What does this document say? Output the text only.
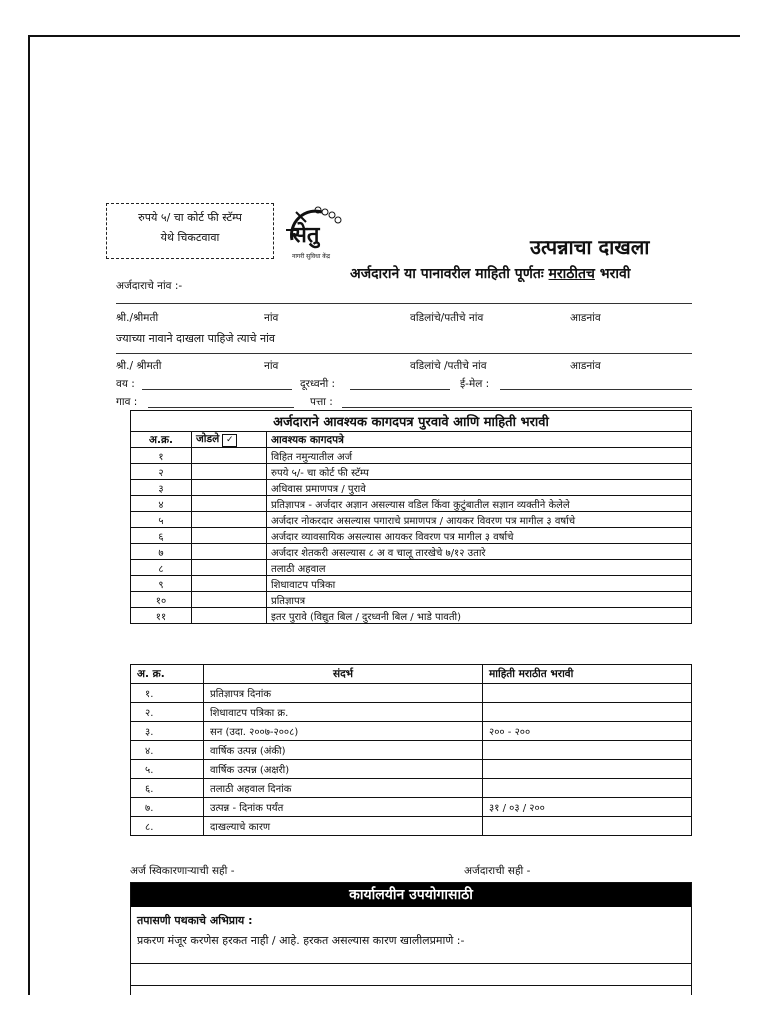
रुपये ५/ चा कोर्ट फी स्टॅम्प
येथे चिकटवावा	सेतु
नागरी सुविधा केंद्र	उत्पन्नाचा दाखला
अर्जदाराने या पानावरील माहिती पूर्णतः मराठीतच भरावी
अर्जदाराचे नांव :-
श्री./श्रीमती	नांव	वडिलांचे/पतीचे नांव	आडनांव
ज्याच्या नावाने दाखला पाहिजे त्याचे नांव
श्री./ श्रीमती	नांव	वडिलांचे /पतीचे नांव	आडनांव
वय :	दूरध्वनी :	ई-मेल :
गाव :	पत्ता :
अर्जदाराने आवश्यक कागदपत्र पुरवावे आणि माहिती भरावी		
अ.क्र.	जोडले ✓	आवश्यक कागदपत्रे
१		विहित नमुन्यातील अर्ज
२		रुपये ५/- चा कोर्ट फी स्टॅम्प
३		अधिवास प्रमाणपत्र / पुरावे
४		प्रतिज्ञापत्र - अर्जदार अज्ञान असल्यास वडिल किंवा कुटुंबातील सज्ञान व्यक्तीने केलेले
५		अर्जदार नोकरदार असल्यास पगाराचे प्रमाणपत्र / आयकर विवरण पत्र मागील ३ वर्षाचे
६		अर्जदार व्यावसायिक असल्यास आयकर विवरण पत्र मागील ३ वर्षाचे
७		अर्जदार शेतकरी असल्यास ८ अ व चालू तारखेचे ७/१२ उतारे
८		तलाठी अहवाल
९		शिधावाटप पत्रिका
१०		प्रतिज्ञापत्र
११		इतर पुरावे (विद्युत बिल / दुरध्वनी बिल / भाडे पावती)
अ. क्र.	संदर्भ	माहिती मराठीत भरावी
१.	प्रतिज्ञापत्र दिनांक	
२.	शिधावाटप पत्रिका क्र.	
३.	सन (उदा. २००७-२००८)	२०० - २००
४.	वार्षिक उत्पन्न (अंकी)	
५.	वार्षिक उत्पन्न (अक्षरी)	
६.	तलाठी अहवाल दिनांक	
७.	उत्पन्न - दिनांक पर्यंत	३१ / ०३ / २००
८.	दाखल्याचे कारण	
अर्ज स्विकारणाऱ्याची सही -	अर्जदाराची सही -
कार्यालयीन उपयोगासाठी
तपासणी पथकाचे अभिप्राय :
प्रकरण मंजूर करणेस हरकत नाही / आहे. हरकत असल्यास कारण खालीलप्रमाणे :-
